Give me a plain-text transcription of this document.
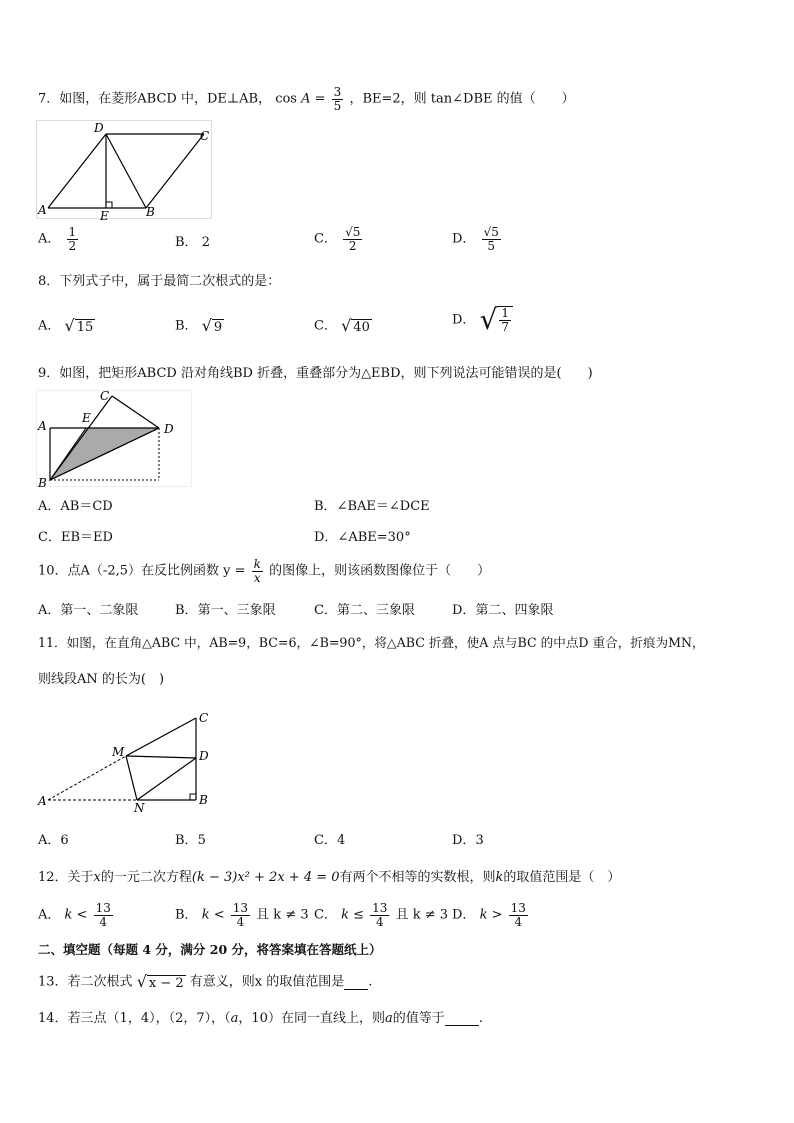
7．如图，在菱形ABCD 中，DE⊥AB， $\cos A = \frac{3}{5}$ ，BE=2，则 tan∠DBE 的值（　　）
D
C
A	E	B
A． $\frac{1}{2}$	B． 2	C． $\frac{√5}{2}$	D． $\frac{√5}{5}$
8．下列式子中，属于最简二次根式的是：
A． √ 15	B． √ 9	C． √ 40	D． √ $\frac{1}{7}$
9．如图，把矩形ABCD 沿对角线BD 折叠，重叠部分为△EBD，则下列说法可能错误的是(　　)
C
E
A	D
B
A．AB＝CD	B．∠BAE＝∠DCE
C．EB＝ED	D．∠ABE=30°
10．点A（-2,5）在反比例函数 $y = \frac{k}{x}$ 的图像上，则该函数图像位于（　　）
A．第一、二象限	B．第一、三象限	C．第二、三象限	D．第二、四象限
11．如图，在直角△ABC 中，AB=9，BC=6，∠B=90°，将△ABC 折叠，使A 点与BC 的中点D 重合，折痕为MN，
则线段AN 的长为(　)
C
M	D
A	B
N
A．6	B．5	C．4	D．3
12．关于x的一元二次方程(k − 3)x² + 2x + 4 = 0有两个不相等的实数根，则k的取值范围是（　）
A． $k < \frac{13}{4}$	B． $k < \frac{13}{4}$ 且 k ≠ 3 C． $k \le \frac{13}{4}$ 且 k ≠ 3 D． $k > \frac{13}{4}$
二、填空题（每题 4 分，满分 20 分，将答案填在答题纸上）
13．若二次根式 √ x − 2 有意义，则x 的取值范围是 .
14．若三点（1，4），（2，7），（a，10）在同一直线上，则a的值等于	.
